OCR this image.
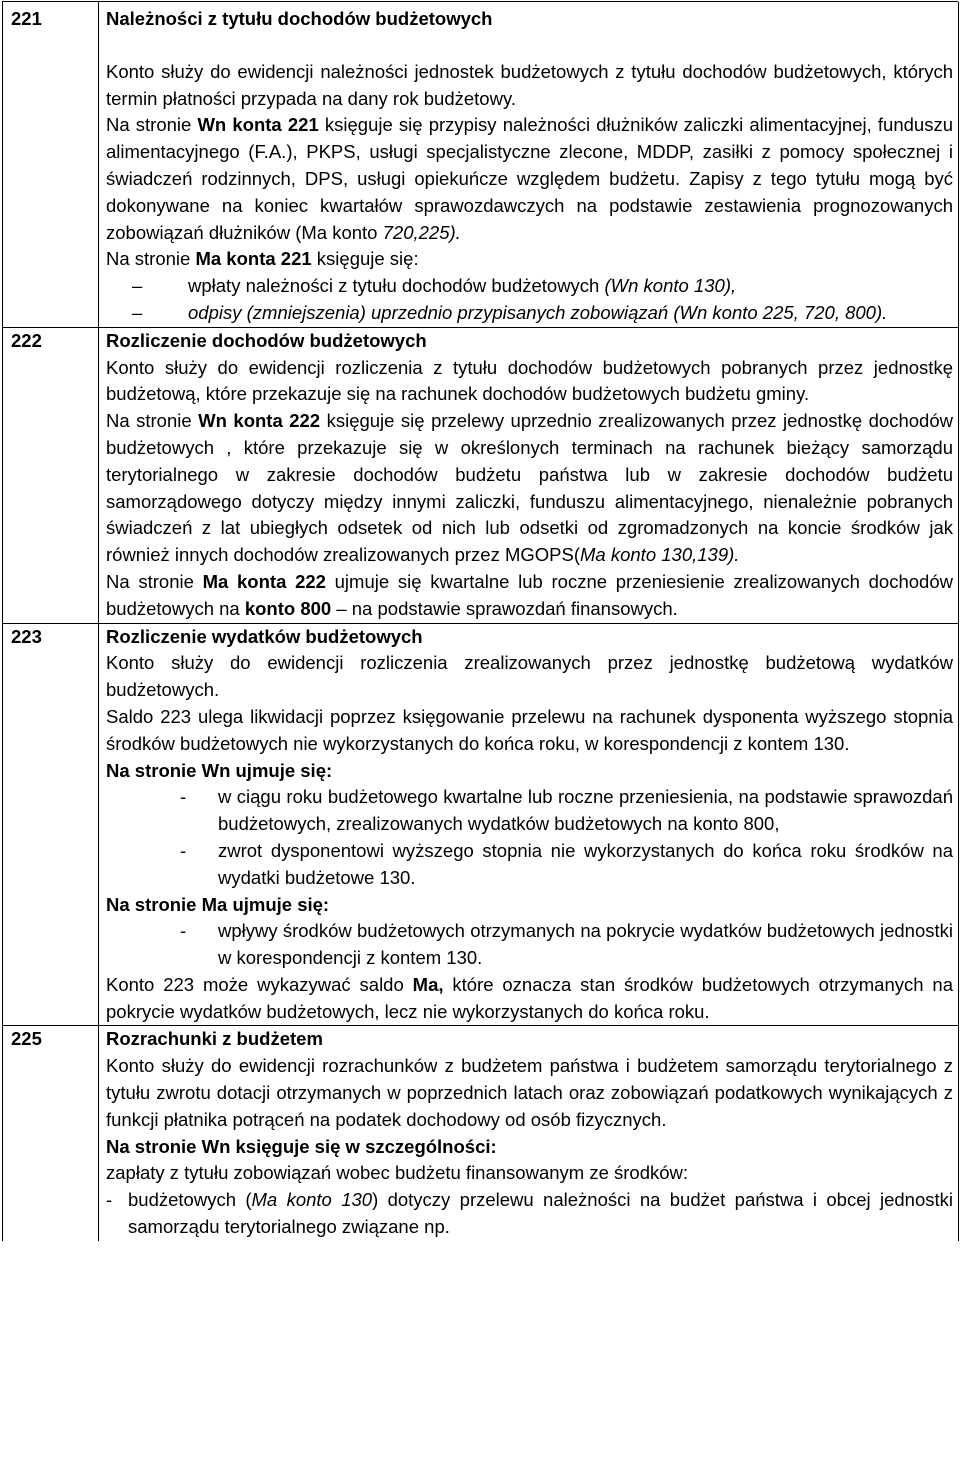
221	Należności z tytułu dochodów budżetowych

Konto służy do ewidencji należności jednostek budżetowych z tytułu dochodów budżetowych, których termin płatności przypada na dany rok budżetowy.

Na stronie Wn konta 221 księguje się przypisy należności dłużników zaliczki alimentacyjnej, funduszu alimentacyjnego (F.A.), PKPS, usługi specjalistyczne zlecone, MDDP, zasiłki z pomocy społecznej i świadczeń rodzinnych, DPS, usługi opiekuńcze względem budżetu. Zapisy z tego tytułu mogą być dokonywane na koniec kwartałów sprawozdawczych na podstawie zestawienia prognozowanych zobowiązań dłużników (Ma konto 720,225).

Na stronie Ma konta 221 księguje się:

– wpłaty należności z tytułu dochodów budżetowych (Wn konto 130),
– odpisy (zmniejszenia) uprzednio przypisanych zobowiązań (Wn konto 225, 720, 800).
222	Rozliczenie dochodów budżetowych

Konto służy do ewidencji rozliczenia z tytułu dochodów budżetowych pobranych przez jednostkę budżetową, które przekazuje się na rachunek dochodów budżetowych budżetu gminy.

Na stronie Wn konta 222 księguje się przelewy uprzednio zrealizowanych przez jednostkę dochodów budżetowych , które przekazuje się w określonych terminach na rachunek bieżący samorządu terytorialnego w zakresie dochodów budżetu państwa lub w zakresie dochodów budżetu samorządowego dotyczy między innymi zaliczki, funduszu alimentacyjnego, nienależnie pobranych świadczeń z lat ubiegłych odsetek od nich lub odsetki od zgromadzonych na koncie środków jak również innych dochodów zrealizowanych przez MGOPS(Ma konto 130,139).

Na stronie Ma konta 222 ujmuje się kwartalne lub roczne przeniesienie zrealizowanych dochodów budżetowych na konto 800 – na podstawie sprawozdań finansowych.

223	Rozliczenie wydatków budżetowych

Konto służy do ewidencji rozliczenia zrealizowanych przez jednostkę budżetową wydatków budżetowych.

Saldo 223 ulega likwidacji poprzez księgowanie przelewu na rachunek dysponenta wyższego stopnia środków budżetowych nie wykorzystanych do końca roku, w korespondencji z kontem 130.

Na stronie Wn ujmuje się:

- w ciągu roku budżetowego kwartalne lub roczne przeniesienia, na podstawie sprawozdań budżetowych, zrealizowanych wydatków budżetowych na konto 800,
- zwrot dysponentowi wyższego stopnia nie wykorzystanych do końca roku środków na wydatki budżetowe 130.

Na stronie Ma ujmuje się:

- wpływy środków budżetowych otrzymanych na pokrycie wydatków budżetowych jednostki w korespondencji z kontem 130.

Konto 223 może wykazywać saldo Ma, które oznacza stan środków budżetowych otrzymanych na pokrycie wydatków budżetowych, lecz nie wykorzystanych do końca roku.

225	Rozrachunki z budżetem

Konto służy do ewidencji rozrachunków z budżetem państwa i budżetem samorządu terytorialnego z tytułu zwrotu dotacji otrzymanych w poprzednich latach oraz zobowiązań podatkowych wynikających z funkcji płatnika potrąceń na podatek dochodowy od osób fizycznych.

Na stronie Wn księguje się w szczególności:

zapłaty z tytułu zobowiązań wobec budżetu finansowanym ze środków:

- budżetowych (Ma konto 130) dotyczy przelewu należności na budżet państwa i obcej jednostki samorządu terytorialnego związane np.
